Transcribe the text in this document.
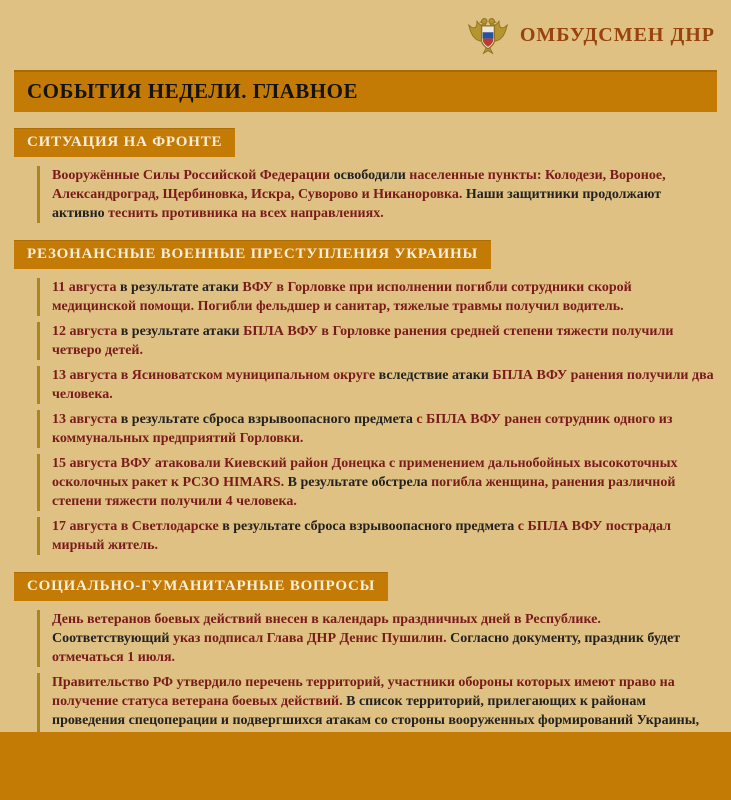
ОМБУДСМЕН ДНР
СОБЫТИЯ НЕДЕЛИ. ГЛАВНОЕ
СИТУАЦИЯ НА ФРОНТЕ

Вооружённые Силы Российской Федерации освободили населенные пункты: Колодези, Вороное, Александроград, Щербиновка, Искра, Суворово и Никаноровка. Наши защитники продолжают активно теснить противника на всех направлениях.

РЕЗОНАНСНЫЕ ВОЕННЫЕ ПРЕСТУПЛЕНИЯ УКРАИНЫ

11 августа в результате атаки ВФУ в Горловке при исполнении погибли сотрудники скорой медицинской помощи. Погибли фельдшер и санитар, тяжелые травмы получил водитель.

12 августа в результате атаки БПЛА ВФУ в Горловке ранения средней степени тяжести получили четверо детей.

13 августа в Ясиноватском муниципальном округе вследствие атаки БПЛА ВФУ ранения получили два человека.

13 августа в результате сброса взрывоопасного предмета с БПЛА ВФУ ранен сотрудник одного из коммунальных предприятий Горловки.

15 августа ВФУ атаковали Киевский район Донецка с применением дальнобойных высокоточных осколочных ракет к РСЗО HIMARS. В результате обстрела погибла женщина, ранения различной степени тяжести получили 4 человека.

17 августа в Светлодарске в результате сброса взрывоопасного предмета с БПЛА ВФУ пострадал мирный житель.

СОЦИАЛЬНО-ГУМАНИТАРНЫЕ ВОПРОСЫ

День ветеранов боевых действий внесен в календарь праздничных дней в Республике. Соответствующий указ подписал Глава ДНР Денис Пушилин. Согласно документу, праздник будет отмечаться 1 июля.

Правительство РФ утвердило перечень территорий, участники обороны которых имеют право на получение статуса ветерана боевых действий. В список территорий, прилегающих к районам проведения спецоперации и подвергшихся атакам со стороны вооруженных формирований Украины,
